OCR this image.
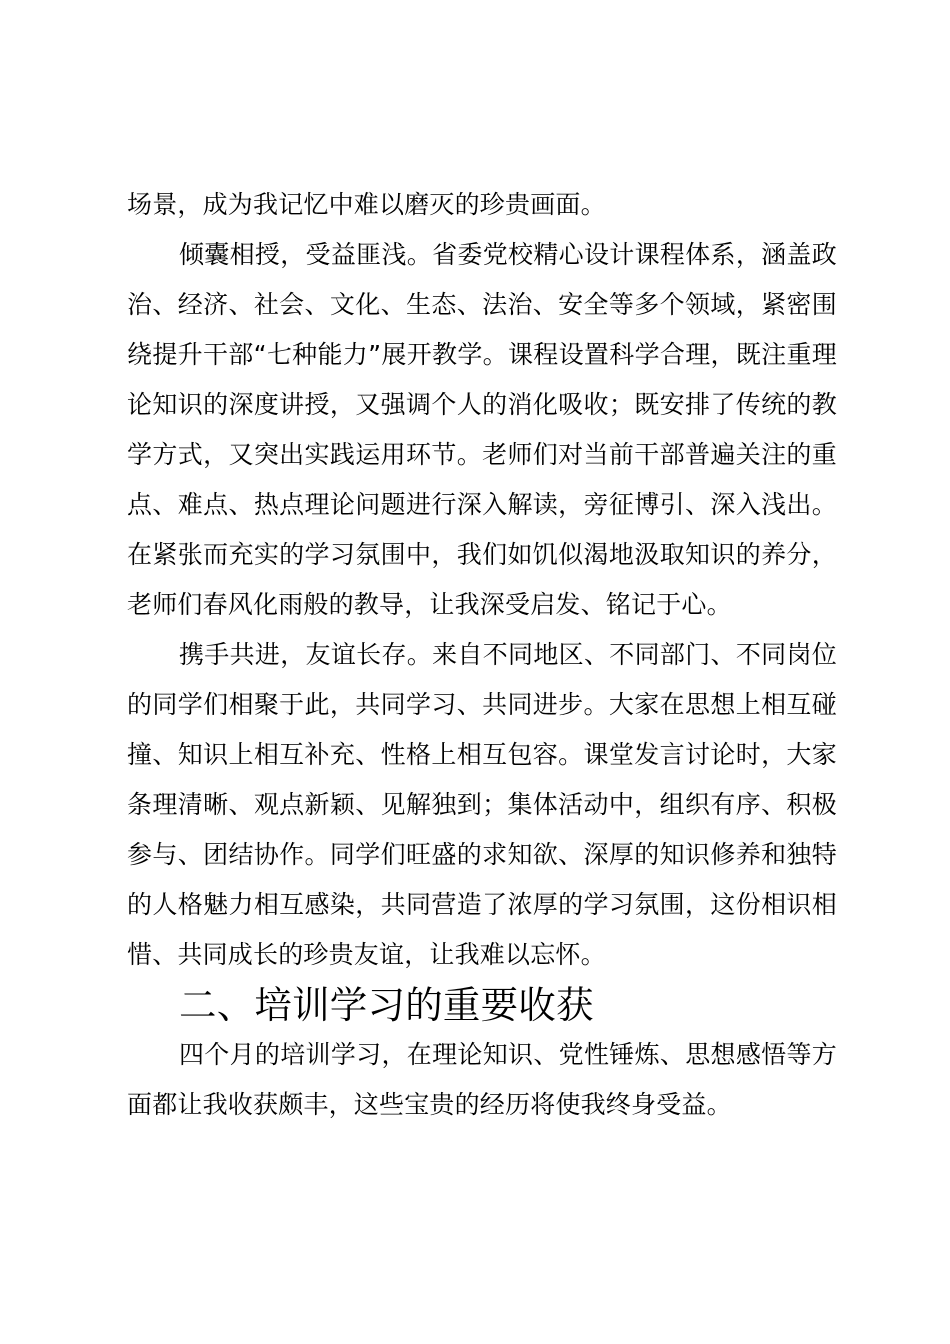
场景，成为我记忆中难以磨灭的珍贵画面。

倾囊相授，受益匪浅。省委党校精心设计课程体系，涵盖政治、经济、社会、文化、生态、法治、安全等多个领域，紧密围绕提升干部“七种能力”展开教学。课程设置科学合理，既注重理论知识的深度讲授，又强调个人的消化吸收；既安排了传统的教学方式，又突出实践运用环节。老师们对当前干部普遍关注的重点、难点、热点理论问题进行深入解读，旁征博引、深入浅出。在紧张而充实的学习氛围中，我们如饥似渴地汲取知识的养分，老师们春风化雨般的教导，让我深受启发、铭记于心。

携手共进，友谊长存。来自不同地区、不同部门、不同岗位的同学们相聚于此，共同学习、共同进步。大家在思想上相互碰撞、知识上相互补充、性格上相互包容。课堂发言讨论时，大家条理清晰、观点新颖、见解独到；集体活动中，组织有序、积极参与、团结协作。同学们旺盛的求知欲、深厚的知识修养和独特的人格魅力相互感染，共同营造了浓厚的学习氛围，这份相识相惜、共同成长的珍贵友谊，让我难以忘怀。

二、培训学习的重要收获

四个月的培训学习，在理论知识、党性锤炼、思想感悟等方面都让我收获颇丰，这些宝贵的经历将使我终身受益。
